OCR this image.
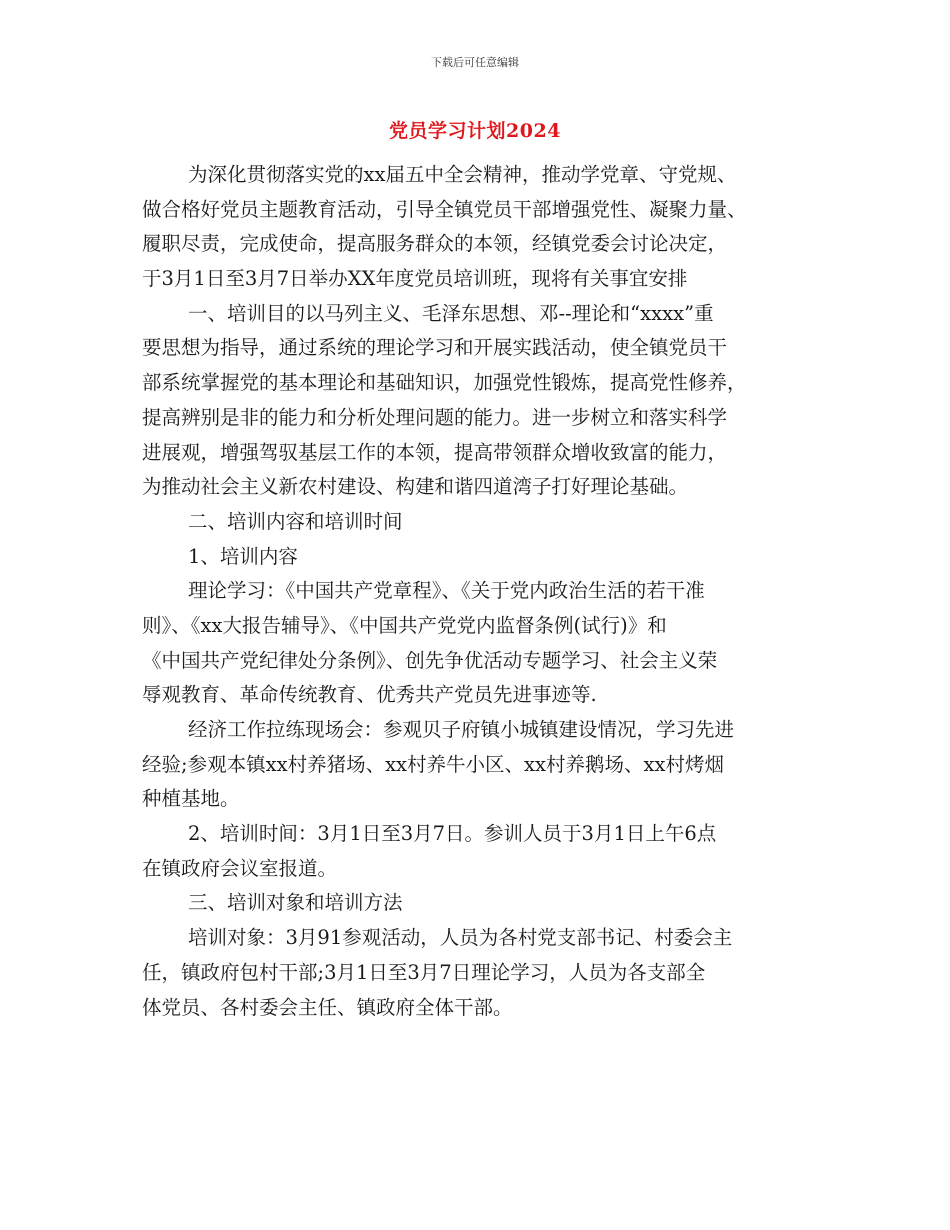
下载后可任意编辑
党员学习计划2024
为深化贯彻落实党的xx届五中全会精神，推动学党章、守党规、
做合格好党员主题教育活动，引导全镇党员干部增强党性、凝聚力量、
履职尽责，完成使命，提高服务群众的本领，经镇党委会讨论决定，
于3月1日至3月7日举办XX年度党员培训班，现将有关事宜安排
一、培训目的以马列主义、毛泽东思想、邓--理论和“xxxx”重
要思想为指导，通过系统的理论学习和开展实践活动，使全镇党员干
部系统掌握党的基本理论和基础知识，加强党性锻炼，提高党性修养，
提高辨别是非的能力和分析处理问题的能力。进一步树立和落实科学
进展观，增强驾驭基层工作的本领，提高带领群众增收致富的能力，
为推动社会主义新农村建设、构建和谐四道湾子打好理论基础。
二、培训内容和培训时间
1、培训内容
理论学习：《中国共产党章程》、《关于党内政治生活的若干准
则》、《xx大报告辅导》、《中国共产党党内监督条例(试行)》和
《中国共产党纪律处分条例》、创先争优活动专题学习、社会主义荣
辱观教育、革命传统教育、优秀共产党员先进事迹等.
经济工作拉练现场会：参观贝子府镇小城镇建设情况，学习先进
经验;参观本镇xx村养猪场、xx村养牛小区、xx村养鹅场、xx村烤烟
种植基地。
2、培训时间：3月1日至3月7日。参训人员于3月1日上午6点
在镇政府会议室报道。
三、培训对象和培训方法
培训对象：3月91参观活动，人员为各村党支部书记、村委会主
任，镇政府包村干部;3月1日至3月7日理论学习，人员为各支部全
体党员、各村委会主任、镇政府全体干部。
